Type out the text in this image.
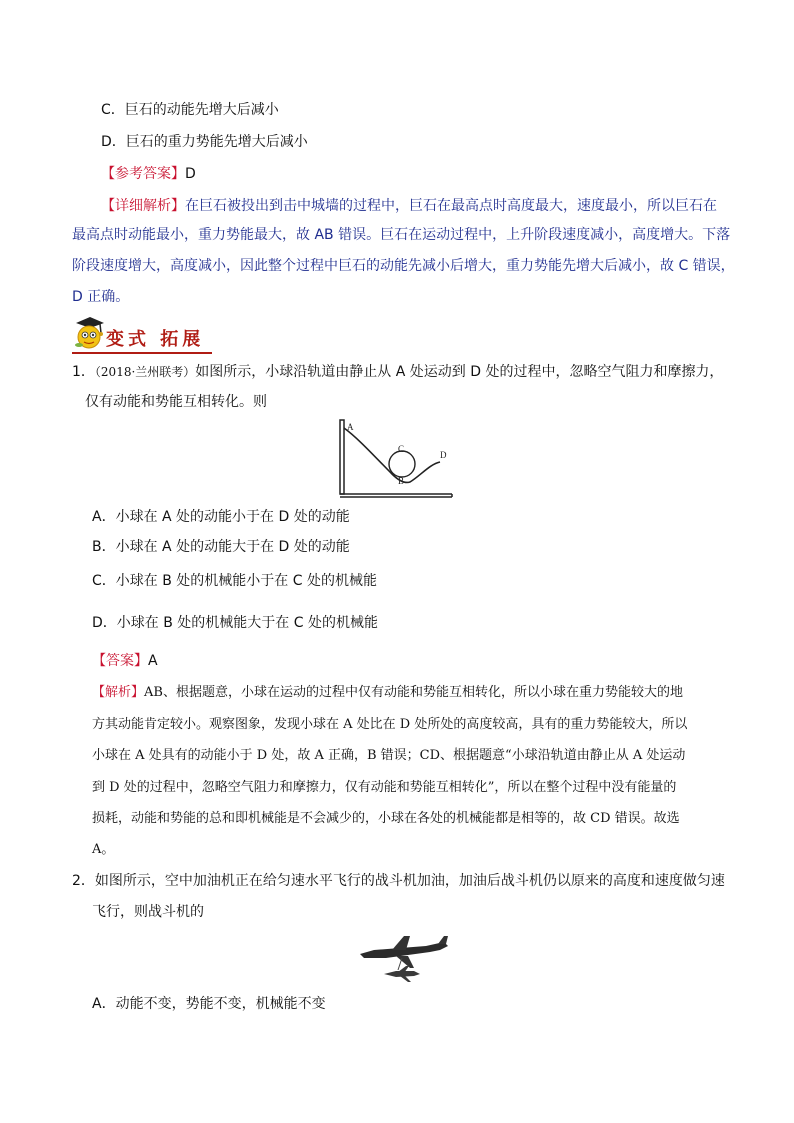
C．巨石的动能先增大后减小
D．巨石的重力势能先增大后减小
【参考答案】D
【详细解析】在巨石被投出到击中城墙的过程中，巨石在最高点时高度最大，速度最小，所以巨石在
最高点时动能最小，重力势能最大，故 AB 错误。巨石在运动过程中，上升阶段速度减小，高度增大。下落
阶段速度增大，高度减小，因此整个过程中巨石的动能先减小后增大，重力势能先增大后减小，故 C 错误，
D 正确。
变式 拓展
1．（2018·兰州联考）如图所示，小球沿轨道由静止从 A 处运动到 D 处的过程中，忽略空气阻力和摩擦力，
仅有动能和势能互相转化。则
A
B
C
D
A．小球在 A 处的动能小于在 D 处的动能
B．小球在 A 处的动能大于在 D 处的动能
C．小球在 B 处的机械能小于在 C 处的机械能
D．小球在 B 处的机械能大于在 C 处的机械能
【答案】A
【解析】AB、根据题意，小球在运动的过程中仅有动能和势能互相转化，所以小球在重力势能较大的地
方其动能肯定较小。观察图象，发现小球在 A 处比在 D 处所处的高度较高，具有的重力势能较大，所以
小球在 A 处具有的动能小于 D 处，故 A 正确，B 错误；CD、根据题意“小球沿轨道由静止从 A 处运动
到 D 处的过程中，忽略空气阻力和摩擦力，仅有动能和势能互相转化”，所以在整个过程中没有能量的
损耗，动能和势能的总和即机械能是不会减少的，小球在各处的机械能都是相等的，故 CD 错误。故选
A。
2．如图所示，空中加油机正在给匀速水平飞行的战斗机加油，加油后战斗机仍以原来的高度和速度做匀速
飞行，则战斗机的
A．动能不变，势能不变，机械能不变
